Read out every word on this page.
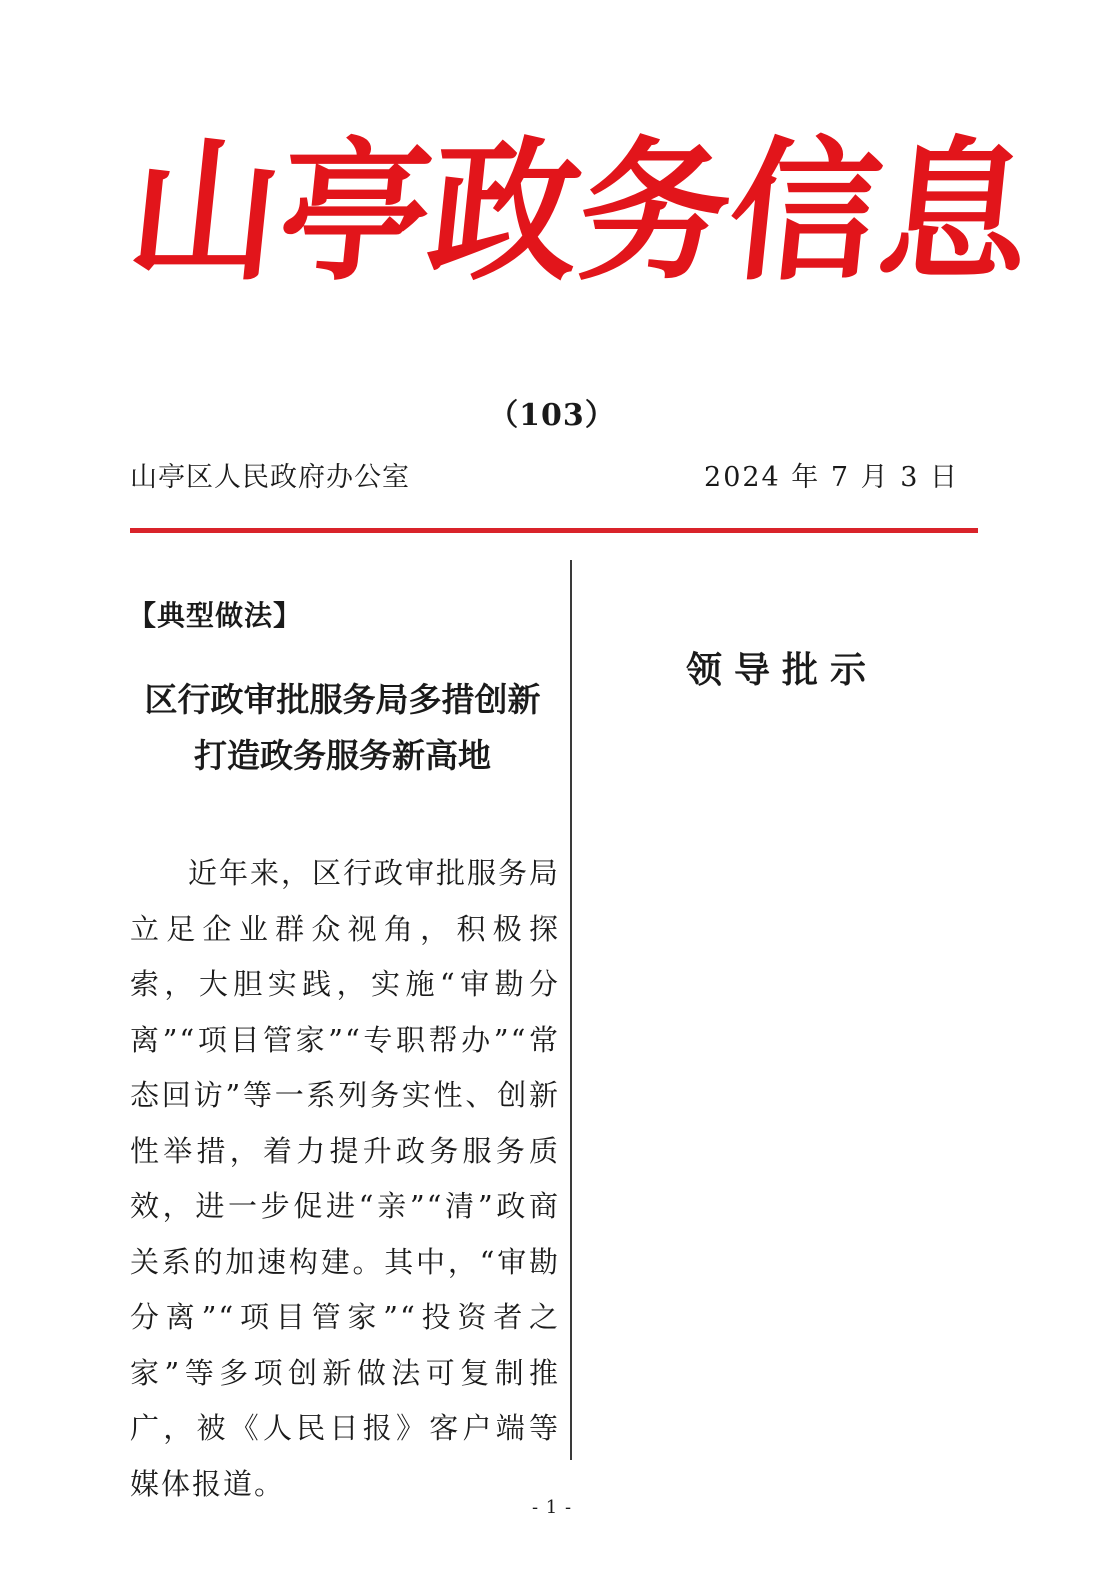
山
亭
政
务
信
息
（103）
山亭区人民政府办公室	2024 年 7 月 3 日
【典型做法】
区行政审批服务局多措创新
打造政务服务新高地

近年来，区行政审批服务局立足企业群众视角，积极探索，大胆实践，实施“审勘分离”“项目管家”“专职帮办”“常态回访”等一系列务实性、创新性举措，着力提升政务服务质效，进一步促进“亲”“清”政商关系的加速构建。其中，“审勘分离”“项目管家”“投资者之家”等多项创新做法可复制推广，被《人民日报》客户端等媒体报道。

领导批示
- 1 -
